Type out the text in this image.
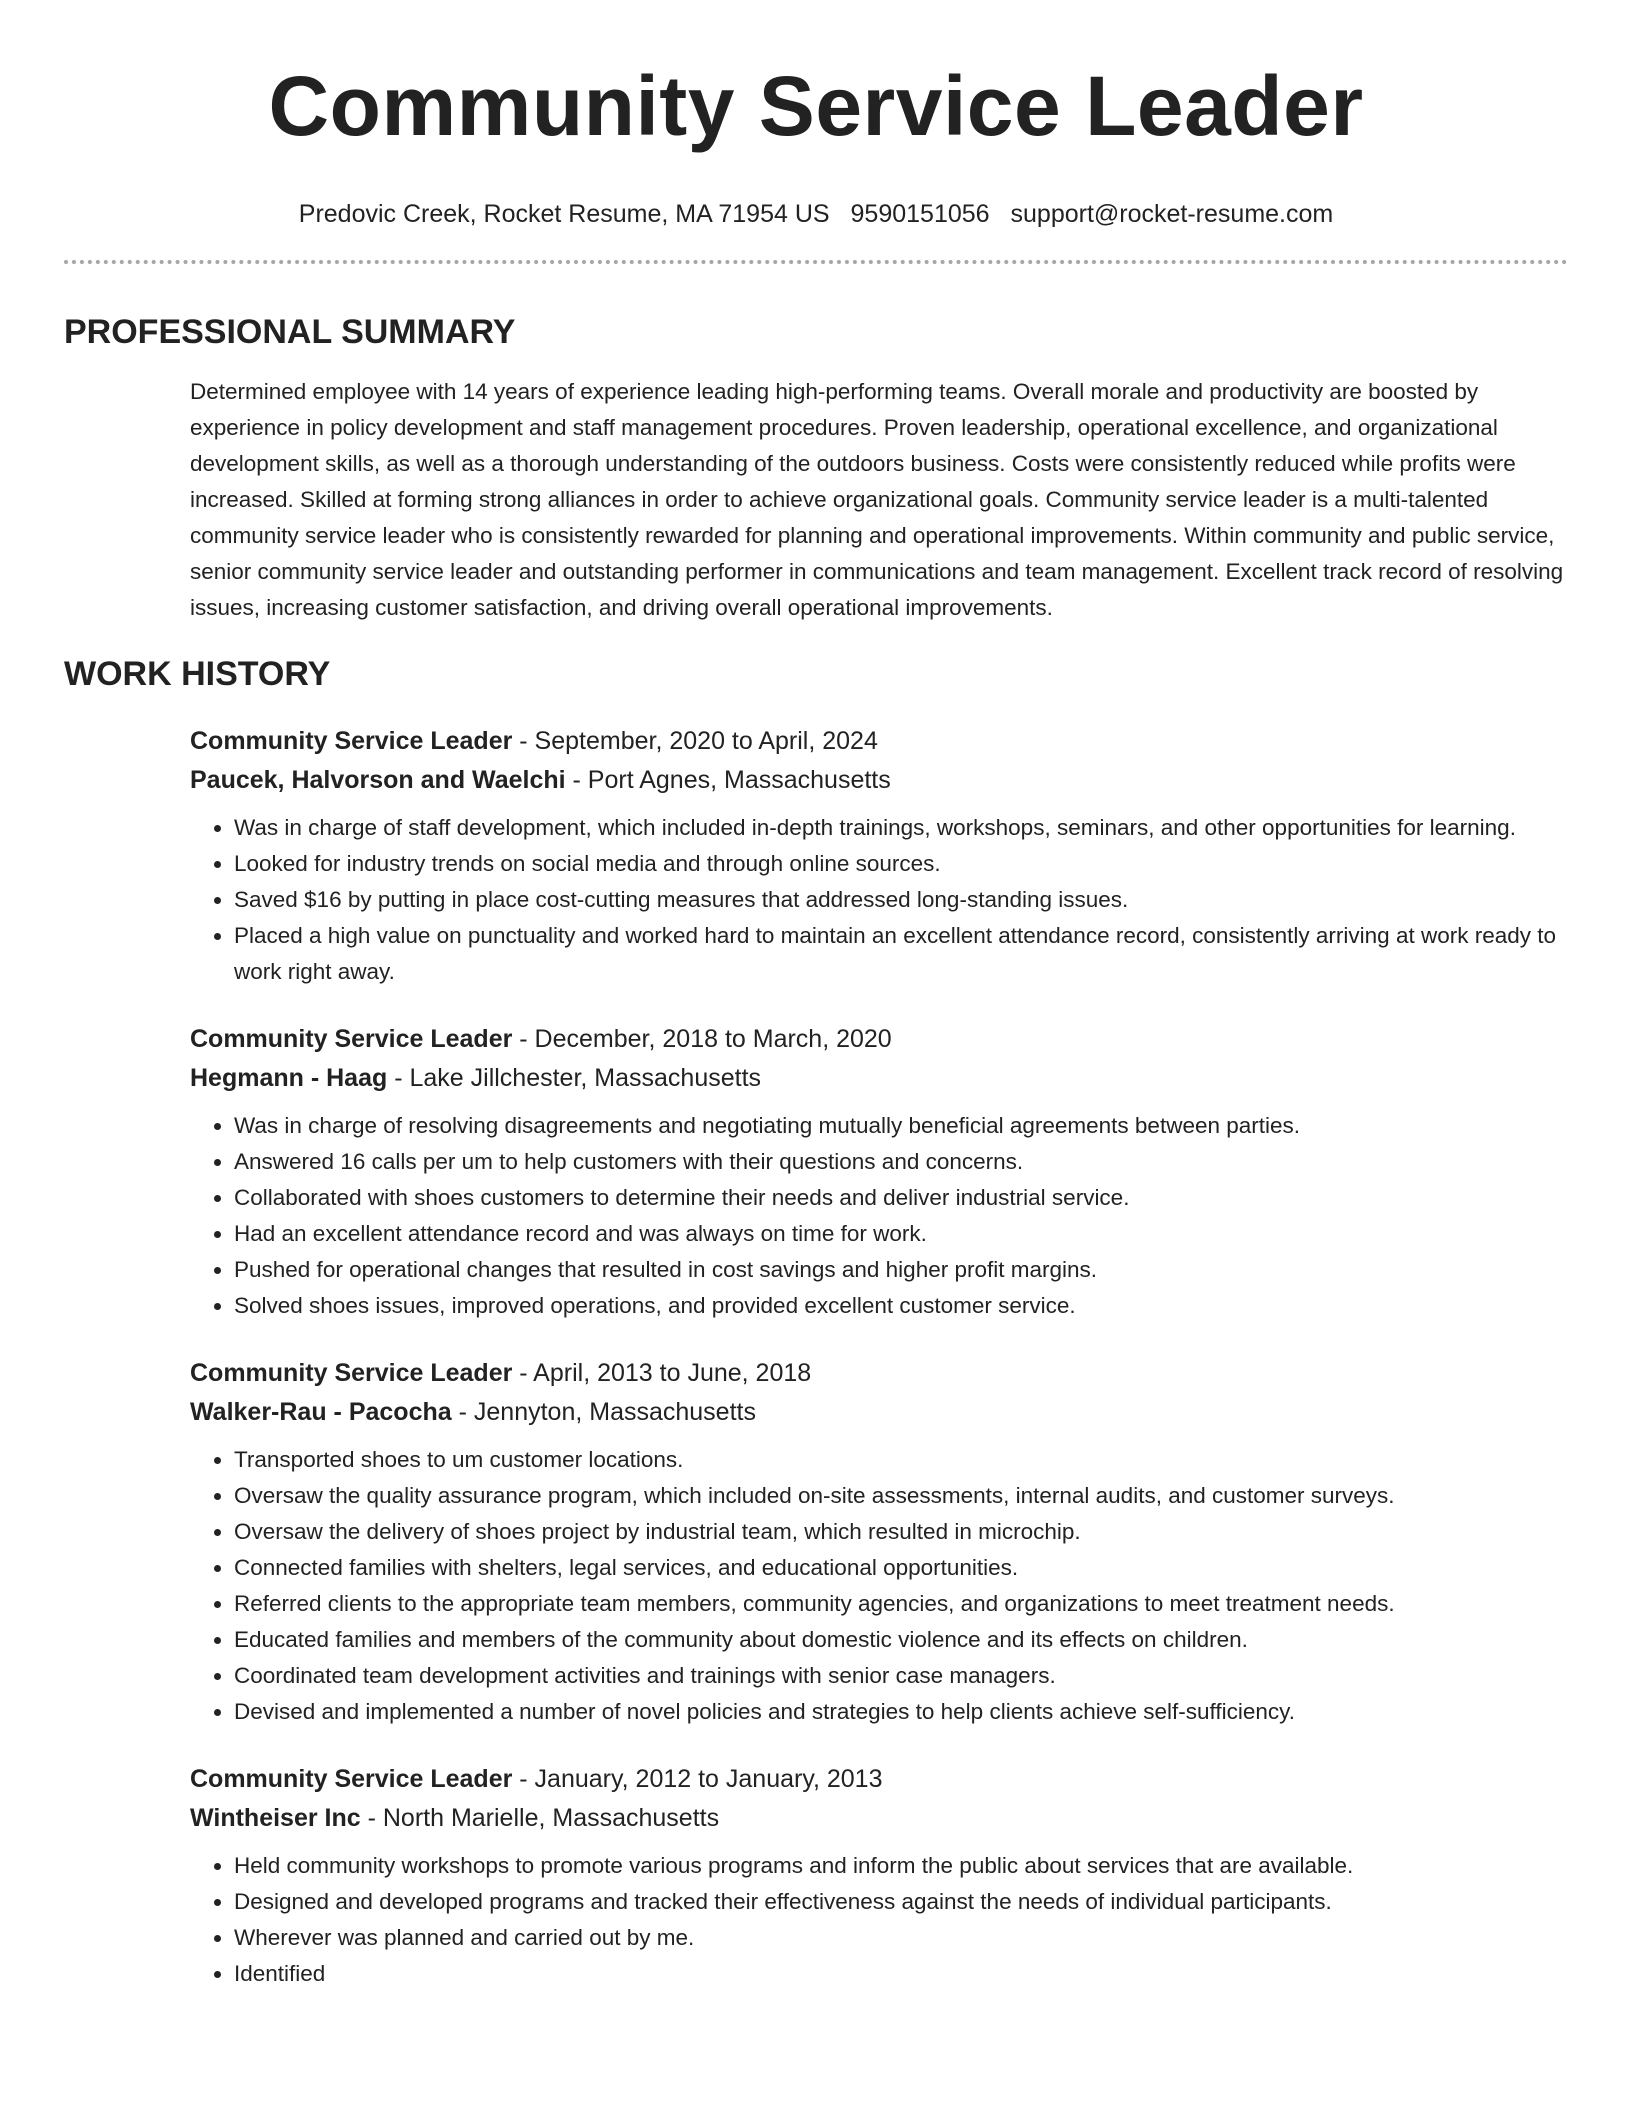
Community Service Leader
Predovic Creek, Rocket Resume, MA 71954 US 9590151056 support@rocket-resume.com
PROFESSIONAL SUMMARY

Determined employee with 14 years of experience leading high-performing teams. Overall morale and productivity are boosted by experience in policy development and staff management procedures. Proven leadership, operational excellence, and organizational development skills, as well as a thorough understanding of the outdoors business. Costs were consistently reduced while profits were increased. Skilled at forming strong alliances in order to achieve organizational goals. Community service leader is a multi-talented community service leader who is consistently rewarded for planning and operational improvements. Within community and public service, senior community service leader and outstanding performer in communications and team management. Excellent track record of resolving issues, increasing customer satisfaction, and driving overall operational improvements.

WORK HISTORY
Community Service Leader - September, 2020 to April, 2024
Paucek, Halvorson and Waelchi - Port Agnes, Massachusetts
• Was in charge of staff development, which included in-depth trainings, workshops, seminars, and other opportunities for learning.
• Looked for industry trends on social media and through online sources.
• Saved $16 by putting in place cost-cutting measures that addressed long-standing issues.
• Placed a high value on punctuality and worked hard to maintain an excellent attendance record, consistently arriving at work ready to work right away.
Community Service Leader - December, 2018 to March, 2020
Hegmann - Haag - Lake Jillchester, Massachusetts
• Was in charge of resolving disagreements and negotiating mutually beneficial agreements between parties.
• Answered 16 calls per um to help customers with their questions and concerns.
• Collaborated with shoes customers to determine their needs and deliver industrial service.
• Had an excellent attendance record and was always on time for work.
• Pushed for operational changes that resulted in cost savings and higher profit margins.
• Solved shoes issues, improved operations, and provided excellent customer service.
Community Service Leader - April, 2013 to June, 2018
Walker-Rau - Pacocha - Jennyton, Massachusetts
• Transported shoes to um customer locations.
• Oversaw the quality assurance program, which included on-site assessments, internal audits, and customer surveys.
• Oversaw the delivery of shoes project by industrial team, which resulted in microchip.
• Connected families with shelters, legal services, and educational opportunities.
• Referred clients to the appropriate team members, community agencies, and organizations to meet treatment needs.
• Educated families and members of the community about domestic violence and its effects on children.
• Coordinated team development activities and trainings with senior case managers.
• Devised and implemented a number of novel policies and strategies to help clients achieve self-sufficiency.
Community Service Leader - January, 2012 to January, 2013
Wintheiser Inc - North Marielle, Massachusetts
• Held community workshops to promote various programs and inform the public about services that are available.
• Designed and developed programs and tracked their effectiveness against the needs of individual participants.
• Wherever was planned and carried out by me.
• Identified
